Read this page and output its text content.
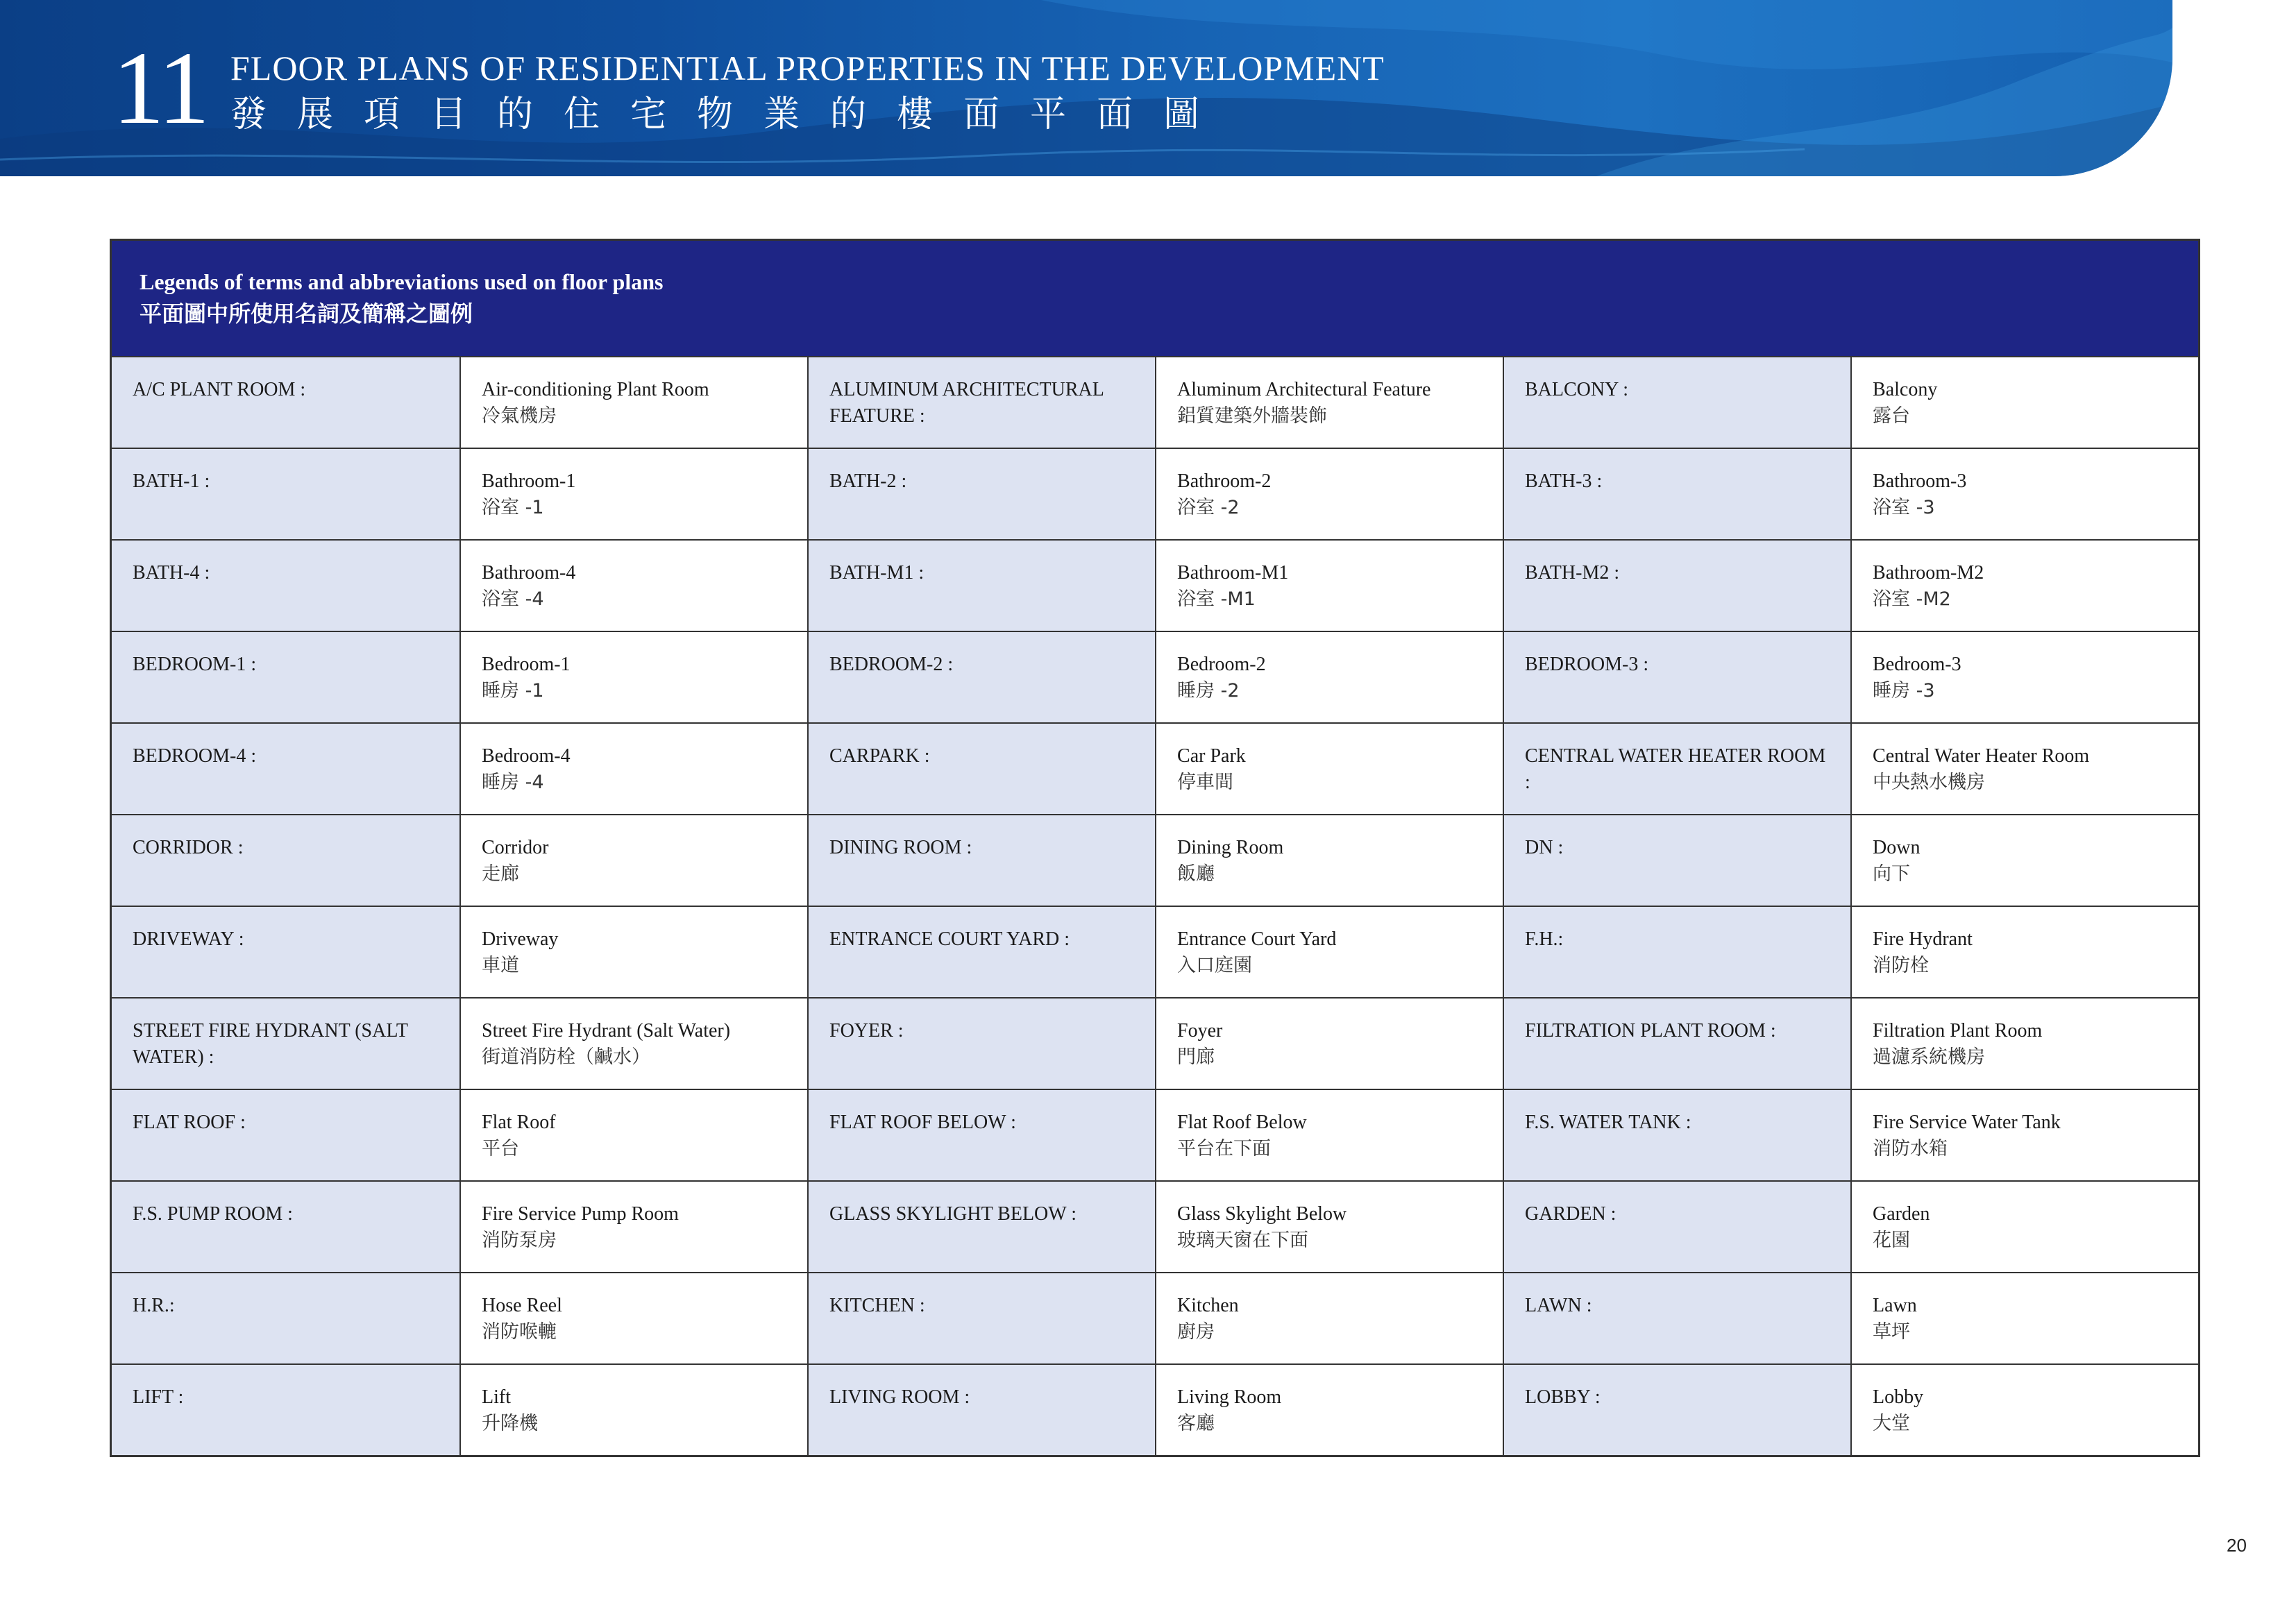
11 FLOOR PLANS OF RESIDENTIAL PROPERTIES IN THE DEVELOPMENT
發展項目的住宅物業的樓面平面圖
Legends of terms and abbreviations used on floor plans
平面圖中所使用名詞及簡稱之圖例
A/C PLANT ROOM :	Air-conditioning Plant Room
冷氣機房
ALUMINUM ARCHITECTURAL FEATURE :
Aluminum Architectural Feature
鋁質建築外牆裝飾
BALCONY :	Balcony
露台
BATH-1 :	Bathroom-1
浴室 -1
BATH-2 :	Bathroom-2
浴室 -2
BATH-3 :	Bathroom-3
浴室 -3
BATH-4 :	Bathroom-4
浴室 -4
BATH-M1 :	Bathroom-M1
浴室 -M1
BATH-M2 :	Bathroom-M2
浴室 -M2
BEDROOM-1 :	Bedroom-1
睡房 -1
BEDROOM-2 :	Bedroom-2
睡房 -2
BEDROOM-3 :	Bedroom-3
睡房 -3
BEDROOM-4 :	Bedroom-4
睡房 -4
CARPARK :	Car Park
停車間
CENTRAL WATER HEATER ROOM :
Central Water Heater Room
中央熱水機房
CORRIDOR :	Corridor
走廊
DINING ROOM :	Dining Room
飯廳
DN :	Down
向下
DRIVEWAY :	Driveway
車道
ENTRANCE COURT YARD :	Entrance Court Yard
入口庭園
F.H.:	Fire Hydrant
消防栓
STREET FIRE HYDRANT (SALT WATER) :
Street Fire Hydrant (Salt Water)
街道消防栓（鹹水）
FOYER :	Foyer
門廊
FILTRATION PLANT ROOM :	Filtration Plant Room
過濾系統機房
FLAT ROOF :	Flat Roof
平台
FLAT ROOF BELOW :	Flat Roof Below
平台在下面
F.S. WATER TANK :	Fire Service Water Tank
消防水箱
F.S. PUMP ROOM :	Fire Service Pump Room
消防泵房
GLASS SKYLIGHT BELOW :	Glass Skylight Below
玻璃天窗在下面
GARDEN :	Garden
花園
H.R.:	Hose Reel
消防喉轆
KITCHEN :	Kitchen
廚房
LAWN :	Lawn
草坪
LIFT :	Lift
升降機
LIVING ROOM :	Living Room
客廳
LOBBY :	Lobby
大堂
20
